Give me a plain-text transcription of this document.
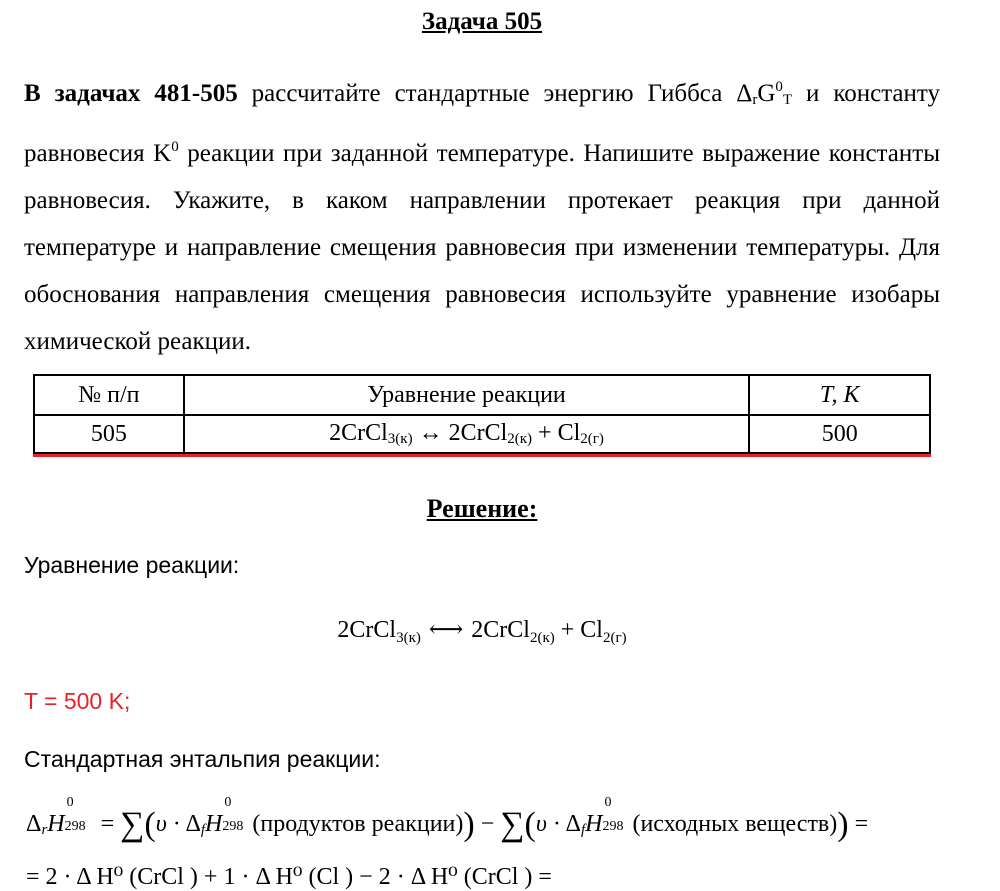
Задача 505
В задачах 481-505 рассчитайте стандартные энергию Гиббса $\Delta_rG^0_T$ и константу равновесия $K^0$ реакции при заданной температуре. Напишите выражение константы равновесия. Укажите, в каком направлении протекает реакция при данной температуре и направление смещения равновесия при изменении температуры. Для обоснования направления смещения равновесия используйте уравнение изобары химической реакции.
№ п/п	Уравнение реакции	T, K
505	2CrCl$_{3(к)}$ ↔ 2CrCl$_{2(к)}$ + $Cl_{2(г)}$	500
Решение:
Уравнение реакции:
2CrCl$_{3(к)}$ ⟷ 2CrCl$_{2(к)}$ + $Cl_{2(г)}$
T = 500 K;
Стандартная энтальпия реакции:
$\Delta_rH$
0
$298 = \sum(\upsilon \cdot \Delta_fH$
0
298 (продуктов реакции)) − $\sum(\upsilon \cdot \Delta_fH$
0
298 (исходных веществ)) =
= 2 · Δ H⁰ (CrCl ) + 1 · Δ H⁰ (Cl ) − 2 · Δ H⁰ (CrCl ) =
